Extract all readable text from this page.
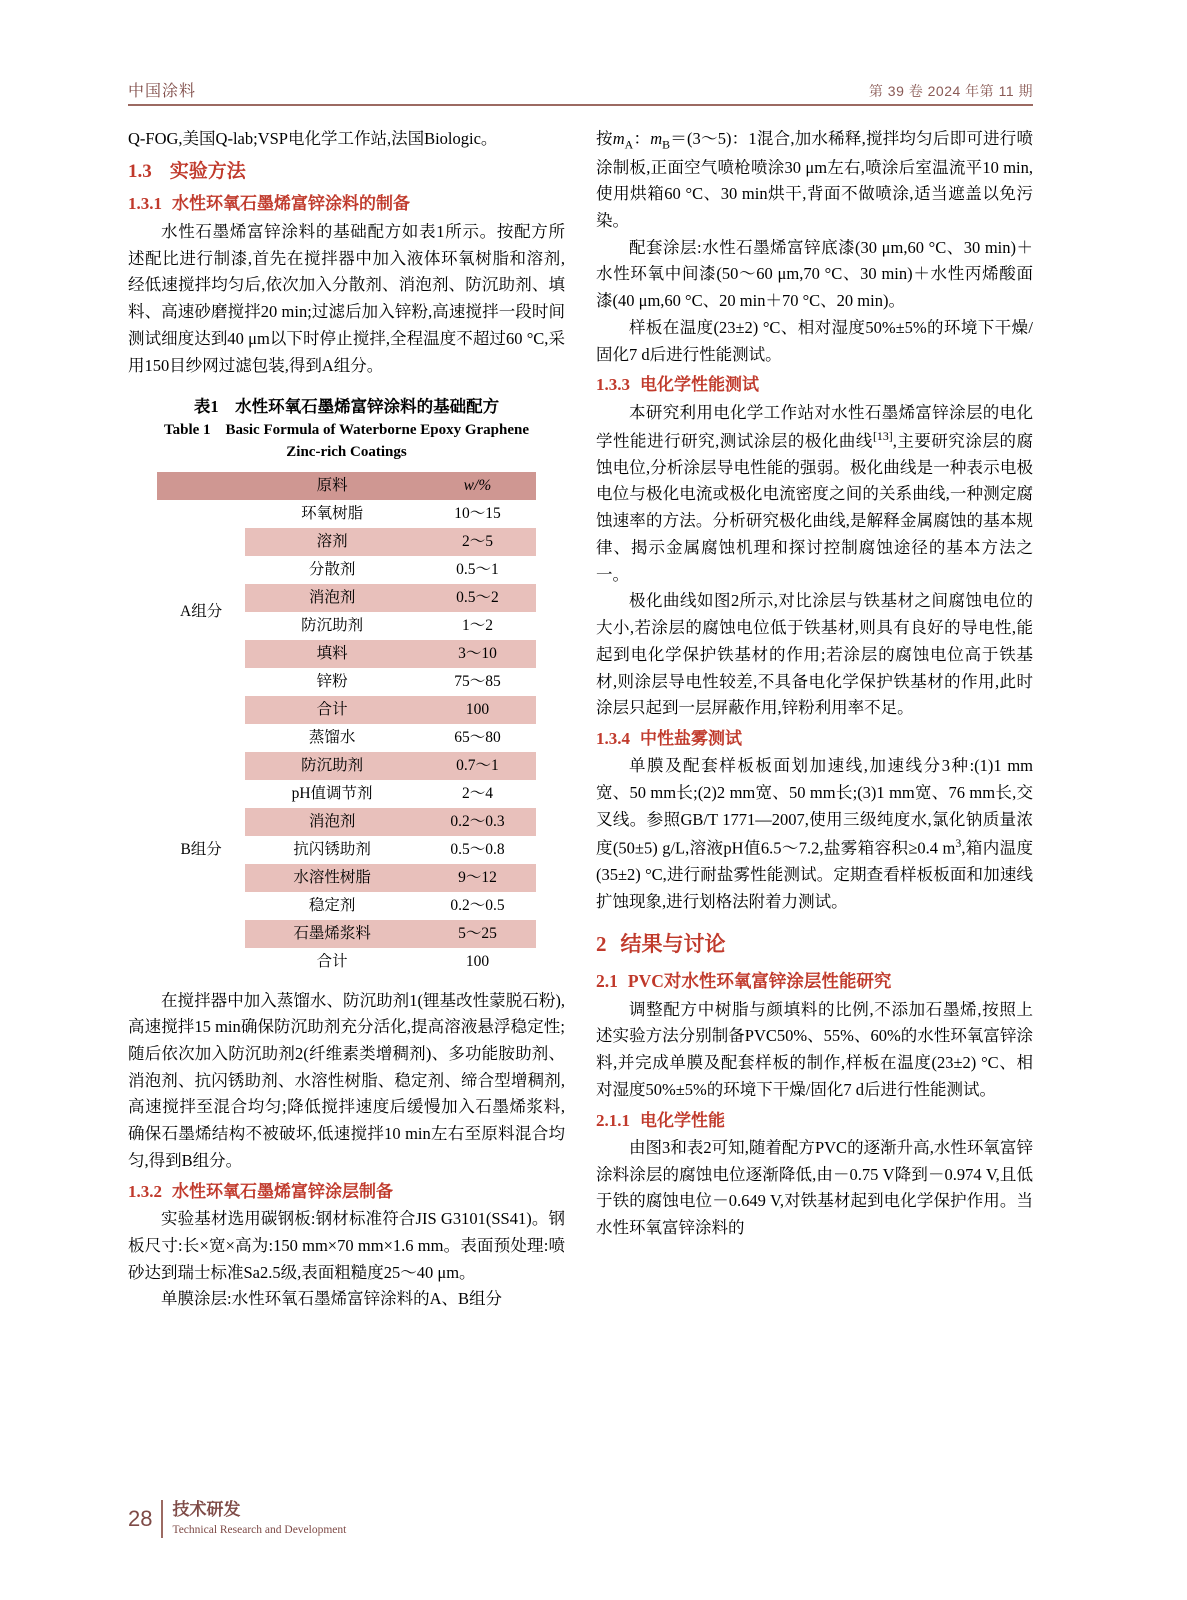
中国涂料	第 39 卷 2024 年第 11 期

Q-FOG,美国Q-lab;VSP电化学工作站,法国Biologic。

1.3 实验方法
1.3.1 水性环氧石墨烯富锌涂料的制备

水性石墨烯富锌涂料的基础配方如表1所示。按配方所述配比进行制漆,首先在搅拌器中加入液体环氧树脂和溶剂,经低速搅拌均匀后,依次加入分散剂、消泡剂、防沉助剂、填料、高速砂磨搅拌20 min;过滤后加入锌粉,高速搅拌一段时间测试细度达到40 μm以下时停止搅拌,全程温度不超过60 °C,采用150目纱网过滤包装,得到A组分。

表1　水性环氧石墨烯富锌涂料的基础配方
Table 1　Basic Formula of Waterborne Epoxy Graphene
Zinc-rich Coatings
	原料	w/%
A组分	环氧树脂	10～15
	溶剂	2～5
	分散剂	0.5～1
	消泡剂	0.5～2
	防沉助剂	1～2
	填料	3～10
	锌粉	75～85
	合计	100
B组分	蒸馏水	65～80
	防沉助剂	0.7～1
	pH值调节剂	2～4
	消泡剂	0.2～0.3
	抗闪锈助剂	0.5～0.8
	水溶性树脂	9～12
	稳定剂	0.2～0.5
	石墨烯浆料	5～25
	合计	100

在搅拌器中加入蒸馏水、防沉助剂1(锂基改性蒙脱石粉),高速搅拌15 min确保防沉助剂充分活化,提高溶液悬浮稳定性;随后依次加入防沉助剂2(纤维素类增稠剂)、多功能胺助剂、消泡剂、抗闪锈助剂、水溶性树脂、稳定剂、缔合型增稠剂,高速搅拌至混合均匀;降低搅拌速度后缓慢加入石墨烯浆料,确保石墨烯结构不被破坏,低速搅拌10 min左右至原料混合均匀,得到B组分。

1.3.2 水性环氧石墨烯富锌涂层制备

实验基材选用碳钢板:钢材标准符合JIS G3101(SS41)。钢板尺寸:长×宽×高为:150 mm×70 mm×1.6 mm。表面预处理:喷砂达到瑞士标准Sa2.5级,表面粗糙度25～40 μm。

单膜涂层:水性环氧石墨烯富锌涂料的A、B组分

按$m_A$：$m_B=(3\sim 5)$：1混合,加水稀释,搅拌均匀后即可进行喷涂制板,正面空气喷枪喷涂30 μm左右,喷涂后室温流平10 min,使用烘箱60 °C、30 min烘干,背面不做喷涂,适当遮盖以免污染。

配套涂层:水性石墨烯富锌底漆(30 μm,60 °C、30 min)＋水性环氧中间漆(50～60 μm,70 °C、30 min)＋水性丙烯酸面漆(40 μm,60 °C、20 min＋70 °C、20 min)。

样板在温度(23±2) °C、相对湿度50%±5%的环境下干燥/固化7 d后进行性能测试。

1.3.3 电化学性能测试

本研究利用电化学工作站对水性石墨烯富锌涂层的电化学性能进行研究,测试涂层的极化曲线[13],主要研究涂层的腐蚀电位,分析涂层导电性能的强弱。极化曲线是一种表示电极电位与极化电流或极化电流密度之间的关系曲线,一种测定腐蚀速率的方法。分析研究极化曲线,是解释金属腐蚀的基本规律、揭示金属腐蚀机理和探讨控制腐蚀途径的基本方法之一。

极化曲线如图2所示,对比涂层与铁基材之间腐蚀电位的大小,若涂层的腐蚀电位低于铁基材,则具有良好的导电性,能起到电化学保护铁基材的作用;若涂层的腐蚀电位高于铁基材,则涂层导电性较差,不具备电化学保护铁基材的作用,此时涂层只起到一层屏蔽作用,锌粉利用率不足。

1.3.4 中性盐雾测试

单膜及配套样板板面划加速线,加速线分3种:(1)1 mm宽、50 mm长;(2)2 mm宽、50 mm长;(3)1 mm宽、76 mm长,交叉线。参照GB/T 1771—2007,使用三级纯度水,氯化钠质量浓度(50±5) g/L,溶液pH值6.5～7.2,盐雾箱容积≥0.4 $m^3$,箱内温度(35±2) °C,进行耐盐雾性能测试。定期查看样板板面和加速线扩蚀现象,进行划格法附着力测试。

2 结果与讨论
2.1 PVC对水性环氧富锌涂层性能研究

调整配方中树脂与颜填料的比例,不添加石墨烯,按照上述实验方法分别制备PVC50%、55%、60%的水性环氧富锌涂料,并完成单膜及配套样板的制作,样板在温度(23±2) °C、相对湿度50%±5%的环境下干燥/固化7 d后进行性能测试。

2.1.1 电化学性能

由图3和表2可知,随着配方PVC的逐渐升高,水性环氧富锌涂料涂层的腐蚀电位逐渐降低,由－0.75 V降到－0.974 V,且低于铁的腐蚀电位－0.649 V,对铁基材起到电化学保护作用。当水性环氧富锌涂料的

28 技术研发
Technical Research and Development
